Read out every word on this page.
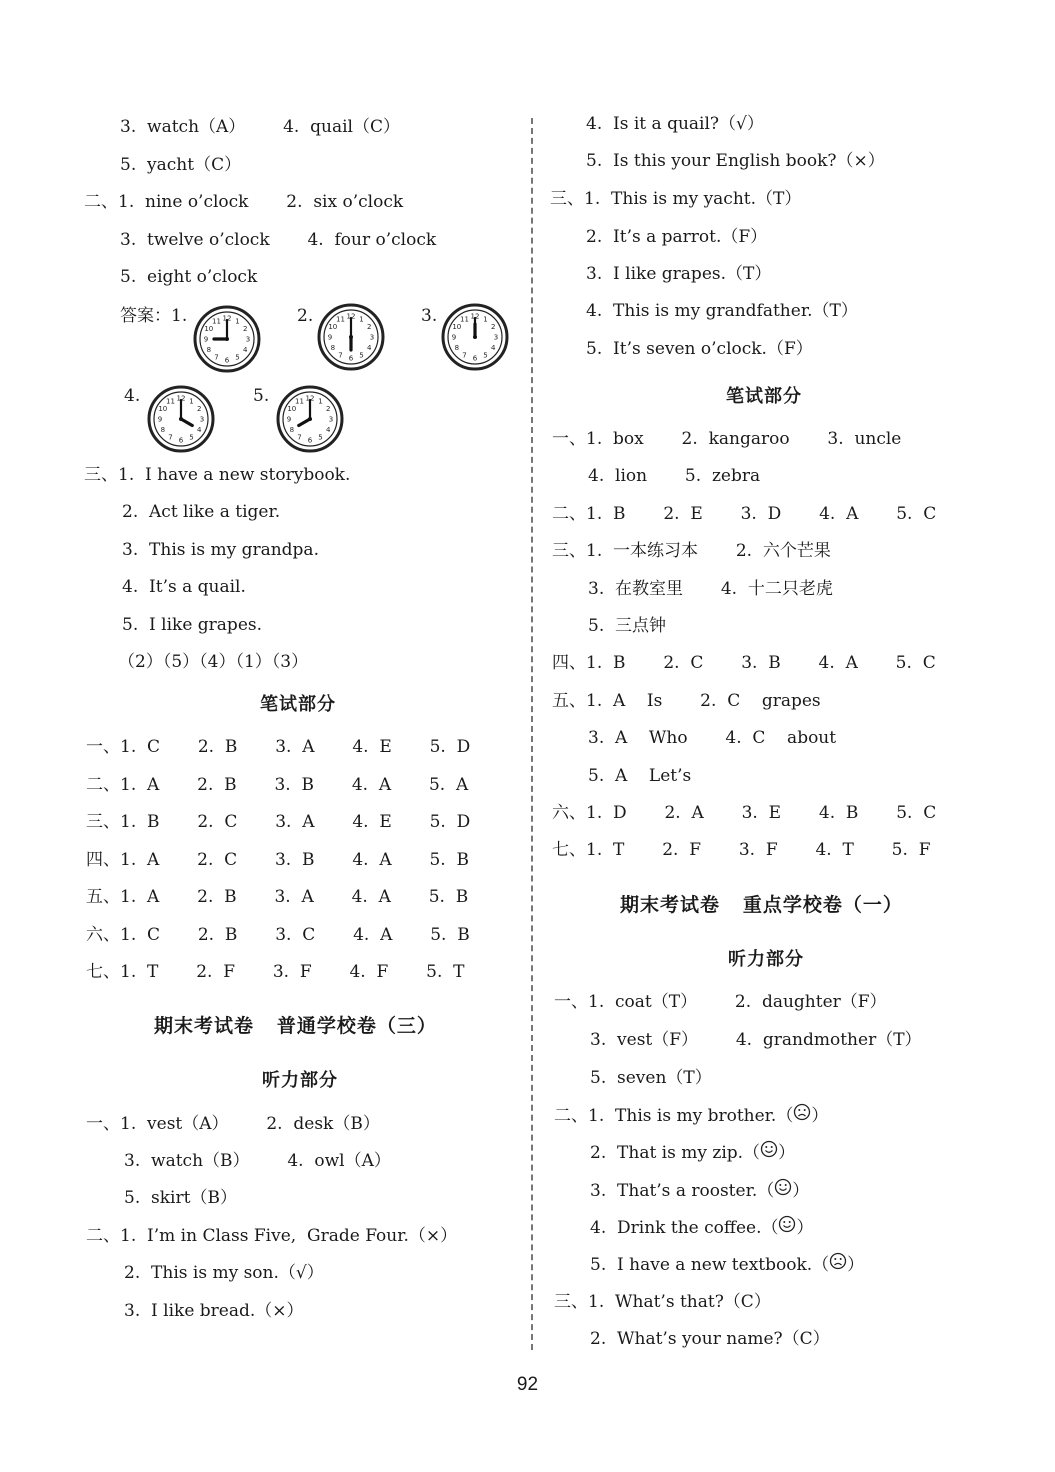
3.  watch（A）       4.  quail（C）
5.  yacht（C）
二、1.  nine o’clock       2.  six o’clock
3.  twelve o’clock       4.  four o’clock
5.  eight o’clock
答案：1.	2.	3.
4.	5.
1
2
3
4
5
6
7
8
9
10
11 12	1
2
3
4
5
6
7
8
9
10
11 12	1
2
3
4
5
6
7
8
9
10
11 12
1
2
3
4
5
6
7
8
9
10
11 12	1
2
3
4
5
6
7
8
9
10
11 12
三、1.  I have a new storybook.
2.  Act like a tiger.
3.  This is my grandpa.
4.  It’s a quail.
5.  I like grapes.
（2）（5）（4）（1）（3）
笔试部分
一、1.  C       2.  B       3.  A       4.  E       5.  D
二、1.  A       2.  B       3.  B       4.  A       5.  A
三、1.  B       2.  C       3.  A       4.  E       5.  D
四、1.  A       2.  C       3.  B       4.  A       5.  B
五、1.  A       2.  B       3.  A       4.  A       5.  B
六、1.  C       2.  B       3.  C       4.  A       5.  B
七、1.  T       2.  F       3.  F       4.  F       5.  T
期末考试卷   普通学校卷（三）
听力部分
一、1.  vest（A）       2.  desk（B）
3.  watch（B）       4.  owl（A）
5.  skirt（B）
二、1.  I’m in Class Five,  Grade Four.（×）
2.  This is my son.（√）
3.  I like bread.（×）
4.  Is it a quail?（√）
5.  Is this your English book?（×）
三、1.  This is my yacht.（T）
2.  It’s a parrot.（F）
3.  I like grapes.（T）
4.  This is my grandfather.（T）
5.  It’s seven o’clock.（F）
笔试部分
一、1.  box       2.  kangaroo       3.  uncle
4.  lion       5.  zebra
二、1.  B       2.  E       3.  D       4.  A       5.  C
三、1.  一本练习本       2.  六个芒果
3.  在教室里       4.  十二只老虎
5.  三点钟
四、1.  B       2.  C       3.  B       4.  A       5.  C
五、1.  A    Is       2.  C    grapes
3.  A    Who       4.  C    about
5.  A    Let’s
六、1.  D       2.  A       3.  E       4.  B       5.  C
七、1.  T       2.  F       3.  F       4.  T       5.  F
期末考试卷   重点学校卷（一）
听力部分
一、1.  coat（T）       2.  daughter（F）
3.  vest（F）       4.  grandmother（T）
5.  seven（T）
二、1.  This is my brother.（ ）
2.  That is my zip.（ ）
3.  That’s a rooster.（ ）
4.  Drink the coffee.（ ）
5.  I have a new textbook.（ ）
三、1.  What’s that?（C）
2.  What’s your name?（C）
92
